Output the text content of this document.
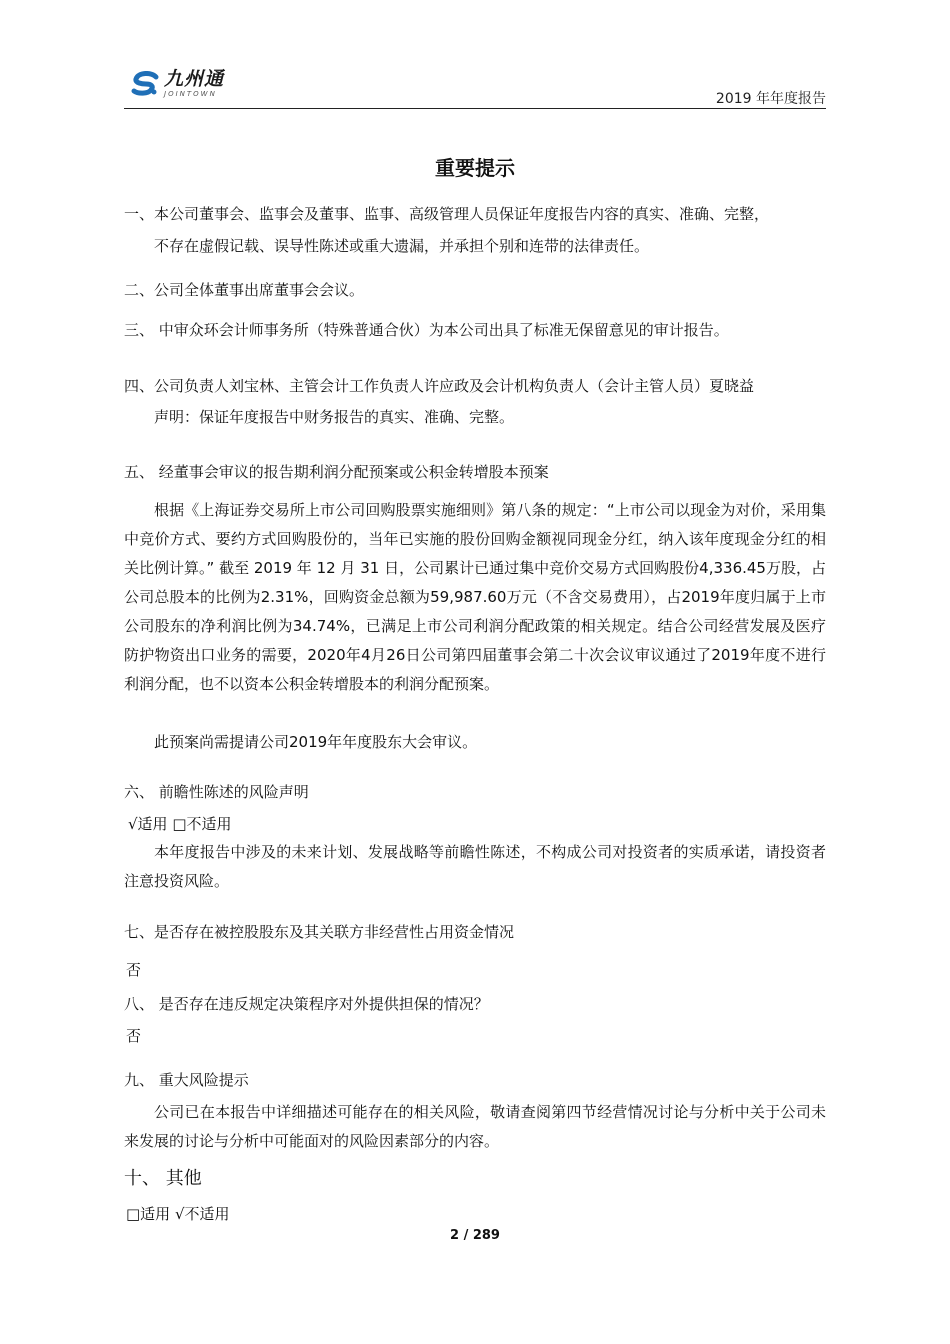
九州通
JOINTOWN	2019 年年度报告
重要提示
一、本公司董事会、监事会及董事、监事、高级管理人员保证年度报告内容的真实、准确、完整，
不存在虚假记载、误导性陈述或重大遗漏，并承担个别和连带的法律责任。
二、公司全体董事出席董事会会议。
三、 中审众环会计师事务所（特殊普通合伙）为本公司出具了标准无保留意见的审计报告。
四、公司负责人刘宝林、主管会计工作负责人许应政及会计机构负责人（会计主管人员）夏晓益
声明：保证年度报告中财务报告的真实、准确、完整。
五、 经董事会审议的报告期利润分配预案或公积金转增股本预案
根据《上海证券交易所上市公司回购股票实施细则》第八条的规定：“上市公司以现金为对价，采用集中竞价方式、要约方式回购股份的，当年已实施的股份回购金额视同现金分红，纳入该年度现金分红的相关比例计算。” 截至 2019 年 12 月 31 日，公司累计已通过集中竞价交易方式回购股份4,336.45万股，占公司总股本的比例为2.31%，回购资金总额为59,987.60万元（不含交易费用），占2019年度归属于上市公司股东的净利润比例为34.74%，已满足上市公司利润分配政策的相关规定。结合公司经营发展及医疗防护物资出口业务的需要，2020年4月26日公司第四届董事会第二十次会议审议通过了2019年度不进行利润分配，也不以资本公积金转增股本的利润分配预案。
此预案尚需提请公司2019年年度股东大会审议。
六、 前瞻性陈述的风险声明
√适用 □不适用
本年度报告中涉及的未来计划、发展战略等前瞻性陈述，不构成公司对投资者的实质承诺，请投资者注意投资风险。
七、是否存在被控股股东及其关联方非经营性占用资金情况
否
八、 是否存在违反规定决策程序对外提供担保的情况？
否
九、 重大风险提示
公司已在本报告中详细描述可能存在的相关风险，敬请查阅第四节经营情况讨论与分析中关于公司未来发展的讨论与分析中可能面对的风险因素部分的内容。
十、 其他
□适用 √不适用
2 / 289
